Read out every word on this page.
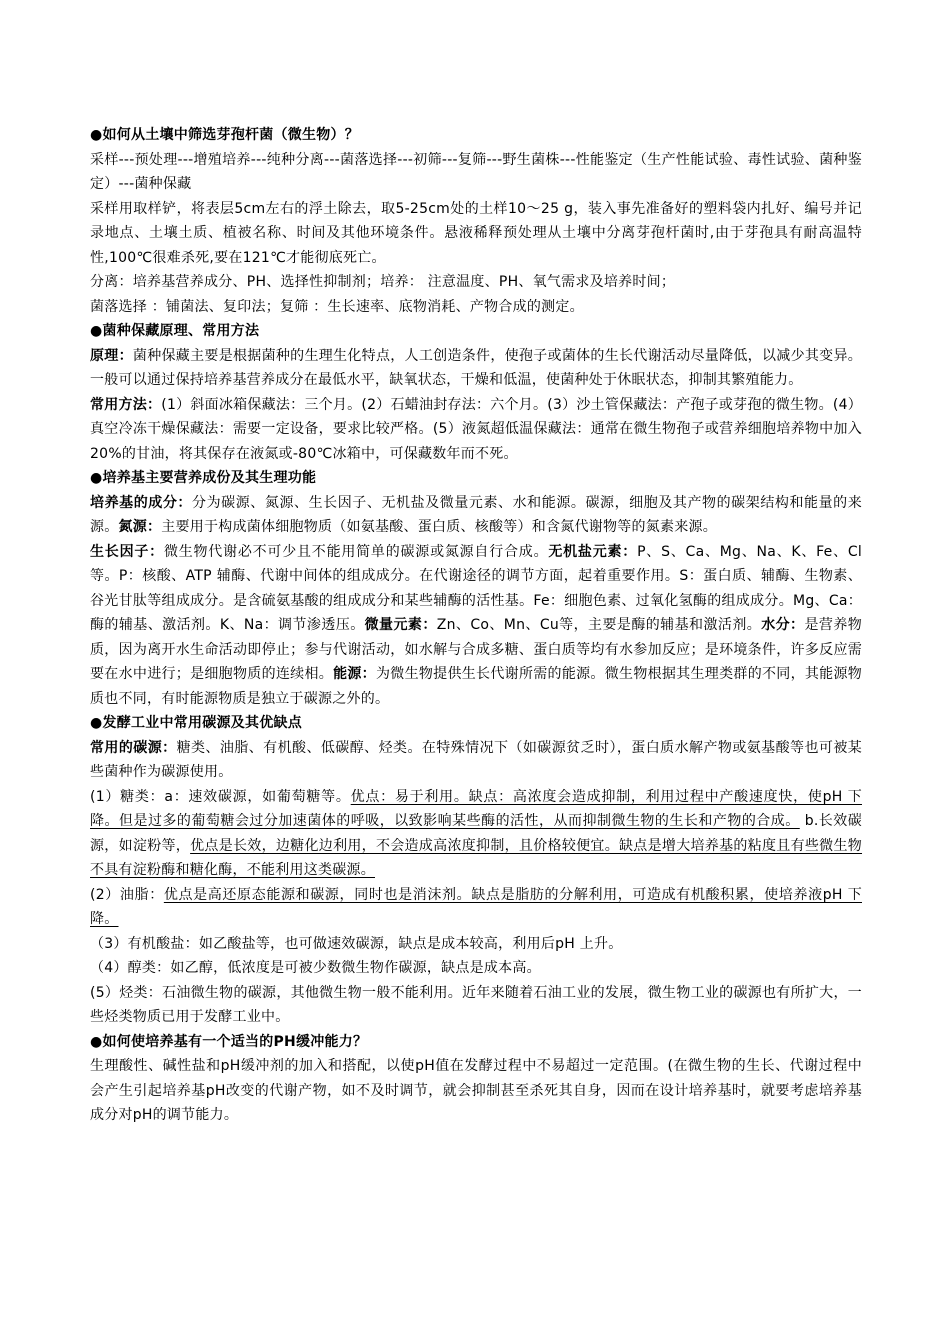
●如何从土壤中筛选芽孢杆菌（微生物）？
采样---预处理---增殖培养---纯种分离---菌落选择---初筛---复筛---野生菌株---性能鉴定（生产性能试验、毒性试验、菌种鉴定）---菌种保藏
采样用取样铲，将表层5cm左右的浮土除去，取5-25cm处的土样10～25 g，装入事先准备好的塑料袋内扎好、编号并记录地点、土壤土质、植被名称、时间及其他环境条件。悬液稀释预处理从土壤中分离芽孢杆菌时,由于芽孢具有耐高温特性,100℃很难杀死,要在121℃才能彻底死亡。
分离：培养基营养成分、PH、选择性抑制剂；培养： 注意温度、PH、氧气需求及培养时间；
菌落选择 ：铺菌法、复印法；复筛 ：生长速率、底物消耗、产物合成的测定。
●菌种保藏原理、常用方法
原理：菌种保藏主要是根据菌种的生理生化特点，人工创造条件，使孢子或菌体的生长代谢活动尽量降低，以减少其变异。一般可以通过保持培养基营养成分在最低水平，缺氧状态，干燥和低温，使菌种处于休眠状态，抑制其繁殖能力。
常用方法：(1）斜面冰箱保藏法：三个月。(2）石蜡油封存法：六个月。(3）沙土管保藏法：产孢子或芽孢的微生物。(4）真空冷冻干燥保藏法：需要一定设备，要求比较严格。(5）液氮超低温保藏法：通常在微生物孢子或营养细胞培养物中加入20%的甘油，将其保存在液氮或-80℃冰箱中，可保藏数年而不死。
●培养基主要营养成份及其生理功能
培养基的成分：分为碳源、氮源、生长因子、无机盐及微量元素、水和能源。碳源，细胞及其产物的碳架结构和能量的来源。氮源：主要用于构成菌体细胞物质（如氨基酸、蛋白质、核酸等）和含氮代谢物等的氮素来源。
生长因子：微生物代谢必不可少且不能用简单的碳源或氮源自行合成。无机盐元素：P、S、Ca、Mg、Na、K、Fe、Cl 等。P：核酸、ATP 辅酶、代谢中间体的组成成分。在代谢途径的调节方面，起着重要作用。S：蛋白质、辅酶、生物素、谷光甘肽等组成成分。是含硫氨基酸的组成成分和某些辅酶的活性基。Fe：细胞色素、过氧化氢酶的组成成分。Mg、Ca：酶的辅基、激活剂。K、Na：调节渗透压。微量元素：Zn、Co、Mn、Cu等，主要是酶的辅基和激活剂。水分：是营养物质，因为离开水生命活动即停止；参与代谢活动，如水解与合成多糖、蛋白质等均有水参加反应；是环境条件，许多反应需要在水中进行；是细胞物质的连续相。能源：为微生物提供生长代谢所需的能源。微生物根据其生理类群的不同，其能源物质也不同，有时能源物质是独立于碳源之外的。
●发酵工业中常用碳源及其优缺点
常用的碳源：糖类、油脂、有机酸、低碳醇、烃类。在特殊情况下（如碳源贫乏时），蛋白质水解产物或氨基酸等也可被某些菌种作为碳源使用。
(1）糖类：a：速效碳源，如葡萄糖等。优点：易于利用。缺点：高浓度会造成抑制，利用过程中产酸速度快，使pH 下降。但是过多的葡萄糖会过分加速菌体的呼吸，以致影响某些酶的活性，从而抑制微生物的生长和产物的合成。 b.长效碳源，如淀粉等，优点是长效，边糖化边利用，不会造成高浓度抑制，且价格较便宜。缺点是增大培养基的粘度且有些微生物不具有淀粉酶和糖化酶，不能利用这类碳源。
(2）油脂：优点是高还原态能源和碳源，同时也是消沫剂。缺点是脂肪的分解利用，可造成有机酸积累，使培养液pH 下降。
（3）有机酸盐：如乙酸盐等，也可做速效碳源，缺点是成本较高，利用后pH 上升。
（4）醇类：如乙醇，低浓度是可被少数微生物作碳源，缺点是成本高。
(5）烃类：石油微生物的碳源，其他微生物一般不能利用。近年来随着石油工业的发展，微生物工业的碳源也有所扩大，一些烃类物质已用于发酵工业中。
●如何使培养基有一个适当的PH缓冲能力？
生理酸性、碱性盐和pH缓冲剂的加入和搭配，以使pH值在发酵过程中不易超过一定范围。(在微生物的生长、代谢过程中会产生引起培养基pH改变的代谢产物，如不及时调节，就会抑制甚至杀死其自身，因而在设计培养基时，就要考虑培养基成分对pH的调节能力。
